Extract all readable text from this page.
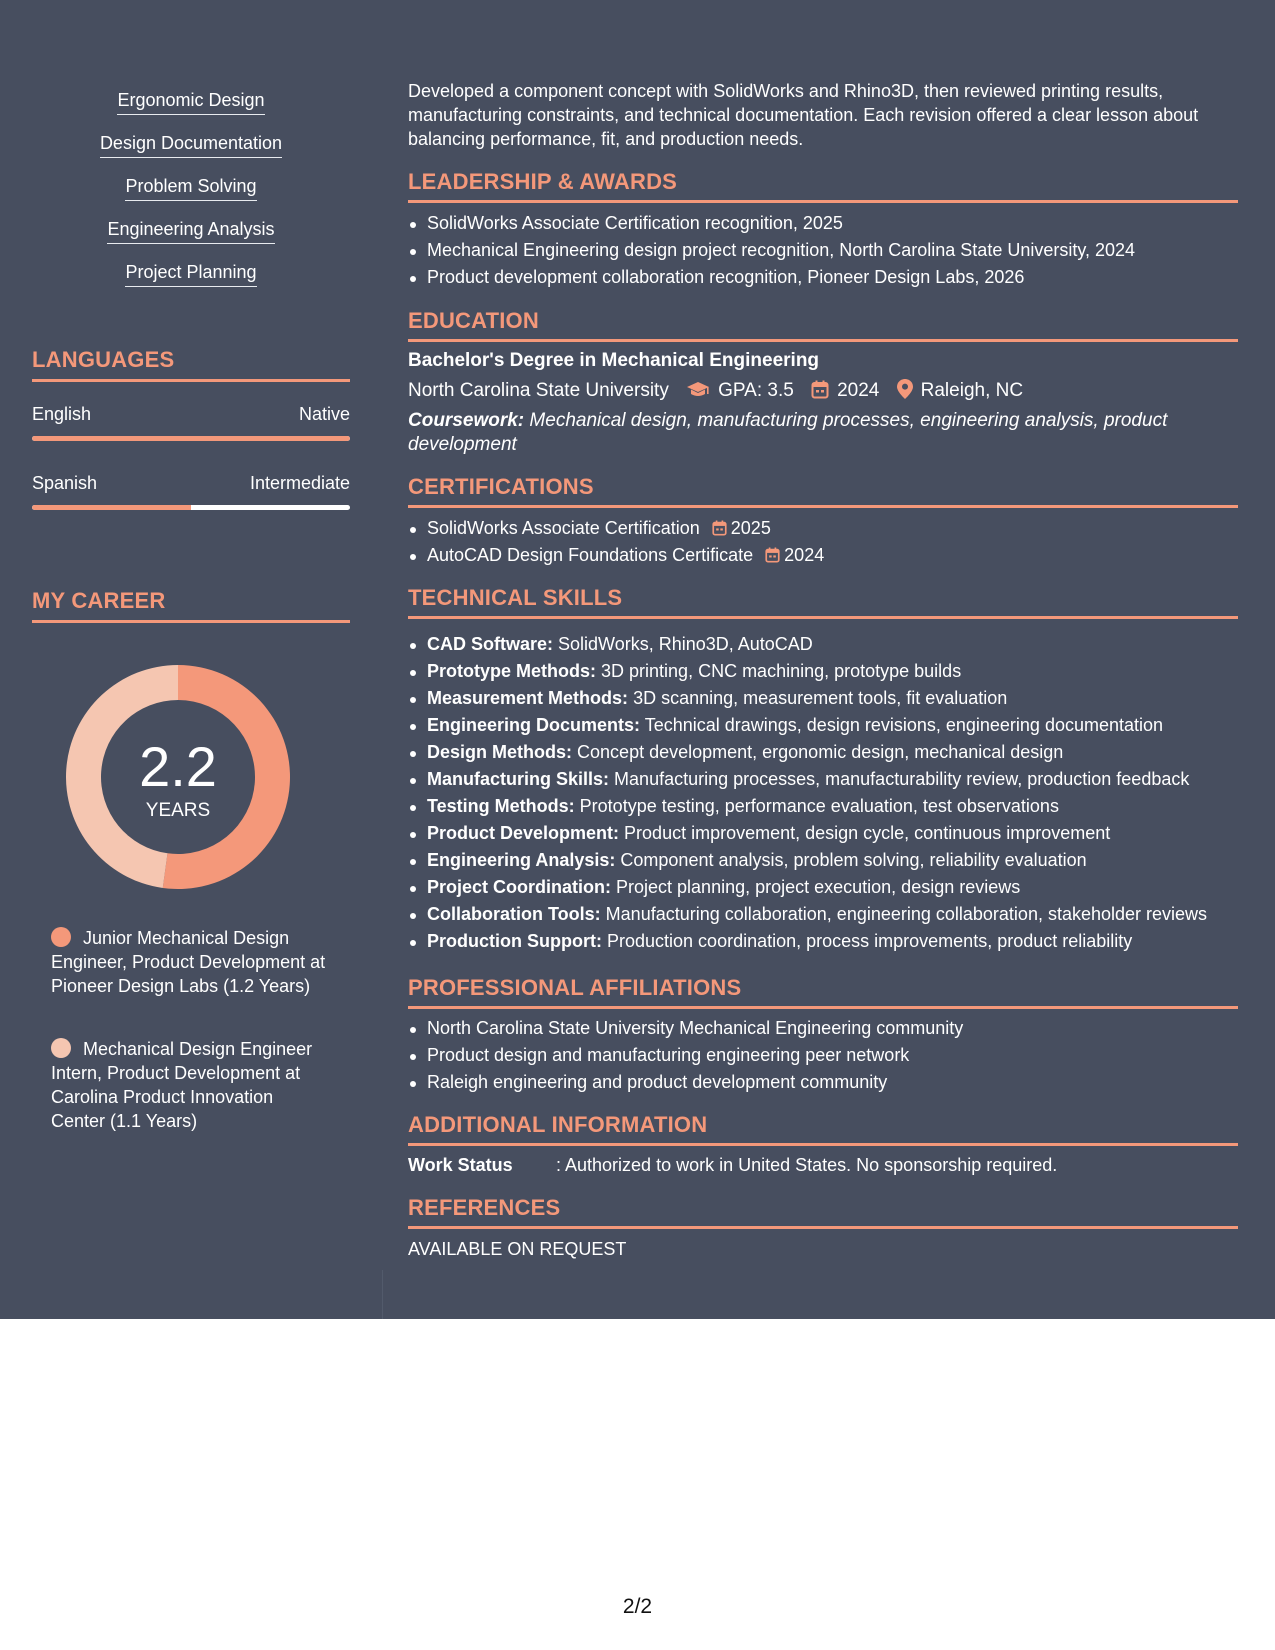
Ergonomic Design
Design Documentation
Problem Solving
Engineering Analysis
Project Planning
LANGUAGES
English	Native
Spanish	Intermediate
MY CAREER
2.2
YEARS
Junior Mechanical Design Engineer, Product Development at Pioneer Design Labs (1.2 Years)
Mechanical Design Engineer Intern, Product Development at Carolina Product Innovation Center (1.1 Years)
Developed a component concept with SolidWorks and Rhino3D, then reviewed printing results, manufacturing constraints, and technical documentation. Each revision offered a clear lesson about balancing performance, fit, and production needs.
LEADERSHIP & AWARDS
SolidWorks Associate Certification recognition, 2025
Mechanical Engineering design project recognition, North Carolina State University, 2024
Product development collaboration recognition, Pioneer Design Labs, 2026
EDUCATION
Bachelor's Degree in Mechanical Engineering
North Carolina State University	GPA: 3.5 2024 Raleigh, NC
Coursework: Mechanical design, manufacturing processes, engineering analysis, product development
CERTIFICATIONS
SolidWorks Associate Certification 2025
AutoCAD Design Foundations Certificate 2024
TECHNICAL SKILLS
CAD Software: SolidWorks, Rhino3D, AutoCAD
Prototype Methods: 3D printing, CNC machining, prototype builds
Measurement Methods: 3D scanning, measurement tools, fit evaluation
Engineering Documents: Technical drawings, design revisions, engineering documentation
Design Methods: Concept development, ergonomic design, mechanical design
Manufacturing Skills: Manufacturing processes, manufacturability review, production feedback
Testing Methods: Prototype testing, performance evaluation, test observations
Product Development: Product improvement, design cycle, continuous improvement
Engineering Analysis: Component analysis, problem solving, reliability evaluation
Project Coordination: Project planning, project execution, design reviews
Collaboration Tools: Manufacturing collaboration, engineering collaboration, stakeholder reviews
Production Support: Production coordination, process improvements, product reliability
PROFESSIONAL AFFILIATIONS
North Carolina State University Mechanical Engineering community
Product design and manufacturing engineering peer network
Raleigh engineering and product development community
ADDITIONAL INFORMATION
Work Status : Authorized to work in United States. No sponsorship required.
REFERENCES
AVAILABLE ON REQUEST
2/2
